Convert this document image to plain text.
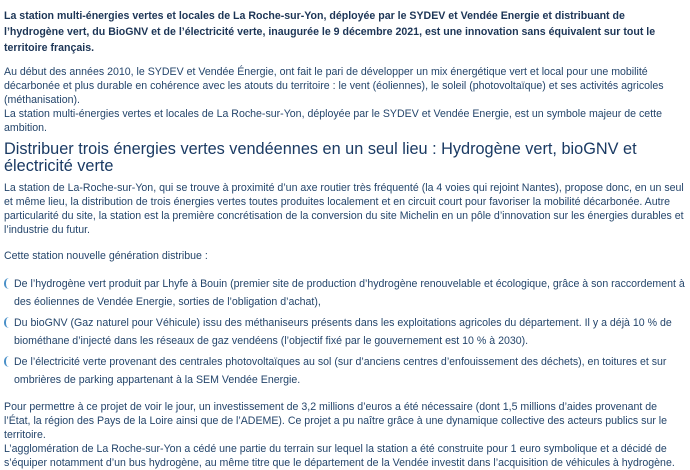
La station multi-énergies vertes et locales de La Roche-sur-Yon, déployée par le SYDEV et Vendée Energie et distribuant de l’hydrogène vert, du BioGNV et de l’électricité verte, inaugurée le 9 décembre 2021, est une innovation sans équivalent sur tout le territoire français.

Au début des années 2010, le SYDEV et Vendée Énergie, ont fait le pari de développer un mix énergétique vert et local pour une mobilité décarbonée et plus durable en cohérence avec les atouts du territoire : le vent (éoliennes), le soleil (photovoltaïque) et ses activités agricoles (méthanisation).

La station multi-énergies vertes et locales de La Roche-sur-Yon, déployée par le SYDEV et Vendée Energie, est un symbole majeur de cette ambition.

Distribuer trois énergies vertes vendéennes en un seul lieu : Hydrogène vert, bioGNV et électricité verte

La station de La-Roche-sur-Yon, qui se trouve à proximité d’un axe routier très fréquenté (la 4 voies qui rejoint Nantes), propose donc, en un seul et même lieu, la distribution de trois énergies vertes toutes produites localement et en circuit court pour favoriser la mobilité décarbonée. Autre particularité du site, la station est la première concrétisation de la conversion du site Michelin en un pôle d’innovation sur les énergies durables et l’industrie du futur.

Cette station nouvelle génération distribue :

De l’hydrogène vert produit par Lhyfe à Bouin (premier site de production d’hydrogène renouvelable et écologique, grâce à son raccordement à des éoliennes de Vendée Energie, sorties de l’obligation d’achat),
Du bioGNV (Gaz naturel pour Véhicule) issu des méthaniseurs présents dans les exploitations agricoles du département. Il y a déjà 10 % de biométhane d’injecté dans les réseaux de gaz vendéens (l’objectif fixé par le gouvernement est 10 % à 2030).
De l’électricité verte provenant des centrales photovoltaïques au sol (sur d’anciens centres d’enfouissement des déchets), en toitures et sur ombrières de parking appartenant à la SEM Vendée Energie.

Pour permettre à ce projet de voir le jour, un investissement de 3,2 millions d’euros a été nécessaire (dont 1,5 millions d’aides provenant de l’État, la région des Pays de la Loire ainsi que de l’ADEME). Ce projet a pu naître grâce à une dynamique collective des acteurs publics sur le territoire.

L’agglomération de La Roche-sur-Yon a cédé une partie du terrain sur lequel la station a été construite pour 1 euro symbolique et a décidé de s’équiper notamment d’un bus hydrogène, au même titre que le département de la Vendée investit dans l’acquisition de véhicules à hydrogène.
